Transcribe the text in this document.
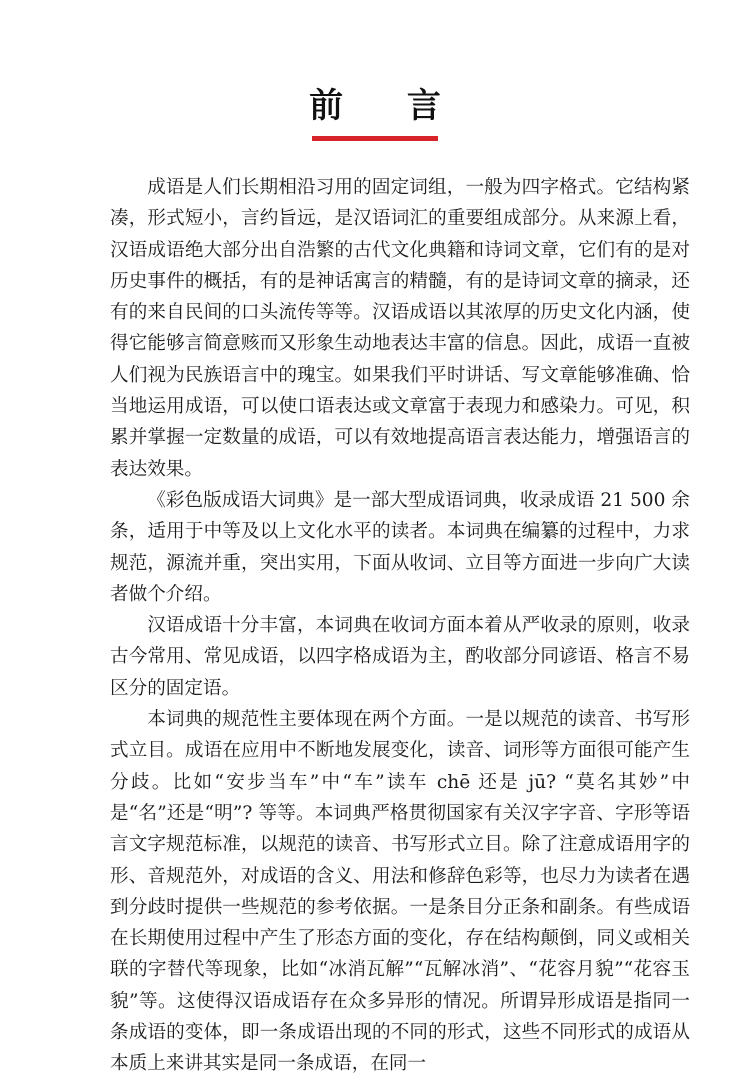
前 言

成语是人们长期相沿习用的固定词组，一般为四字格式。它结构紧凑，形式短小，言约旨远，是汉语词汇的重要组成部分。从来源上看，汉语成语绝大部分出自浩繁的古代文化典籍和诗词文章，它们有的是对历史事件的概括，有的是神话寓言的精髓，有的是诗词文章的摘录，还有的来自民间的口头流传等等。汉语成语以其浓厚的历史文化内涵，使得它能够言简意赅而又形象生动地表达丰富的信息。因此，成语一直被人们视为民族语言中的瑰宝。如果我们平时讲话、写文章能够准确、恰当地运用成语，可以使口语表达或文章富于表现力和感染力。可见，积累并掌握一定数量的成语，可以有效地提高语言表达能力，增强语言的表达效果。

《彩色版成语大词典》是一部大型成语词典，收录成语 21 500 余条，适用于中等及以上文化水平的读者。本词典在编纂的过程中，力求规范，源流并重，突出实用，下面从收词、立目等方面进一步向广大读者做个介绍。

汉语成语十分丰富，本词典在收词方面本着从严收录的原则，收录古今常用、常见成语，以四字格成语为主，酌收部分同谚语、格言不易区分的固定语。

本词典的规范性主要体现在两个方面。一是以规范的读音、书写形式立目。成语在应用中不断地发展变化，读音、词形等方面很可能产生分歧。比如“安步当车”中“车”读车 chē 还是 jū? “莫名其妙”中是“名”还是“明”? 等等。本词典严格贯彻国家有关汉字字音、字形等语言文字规范标准，以规范的读音、书写形式立目。除了注意成语用字的形、音规范外，对成语的含义、用法和修辞色彩等，也尽力为读者在遇到分歧时提供一些规范的参考依据。一是条目分正条和副条。有些成语在长期使用过程中产生了形态方面的变化，存在结构颠倒，同义或相关联的字替代等现象，比如“冰消瓦解”“瓦解冰消”、“花容月貌”“花容玉貌”等。这使得汉语成语存在众多异形的情况。所谓异形成语是指同一条成语的变体，即一条成语出现的不同的形式，这些不同形式的成语从本质上来讲其实是同一条成语，在同一
